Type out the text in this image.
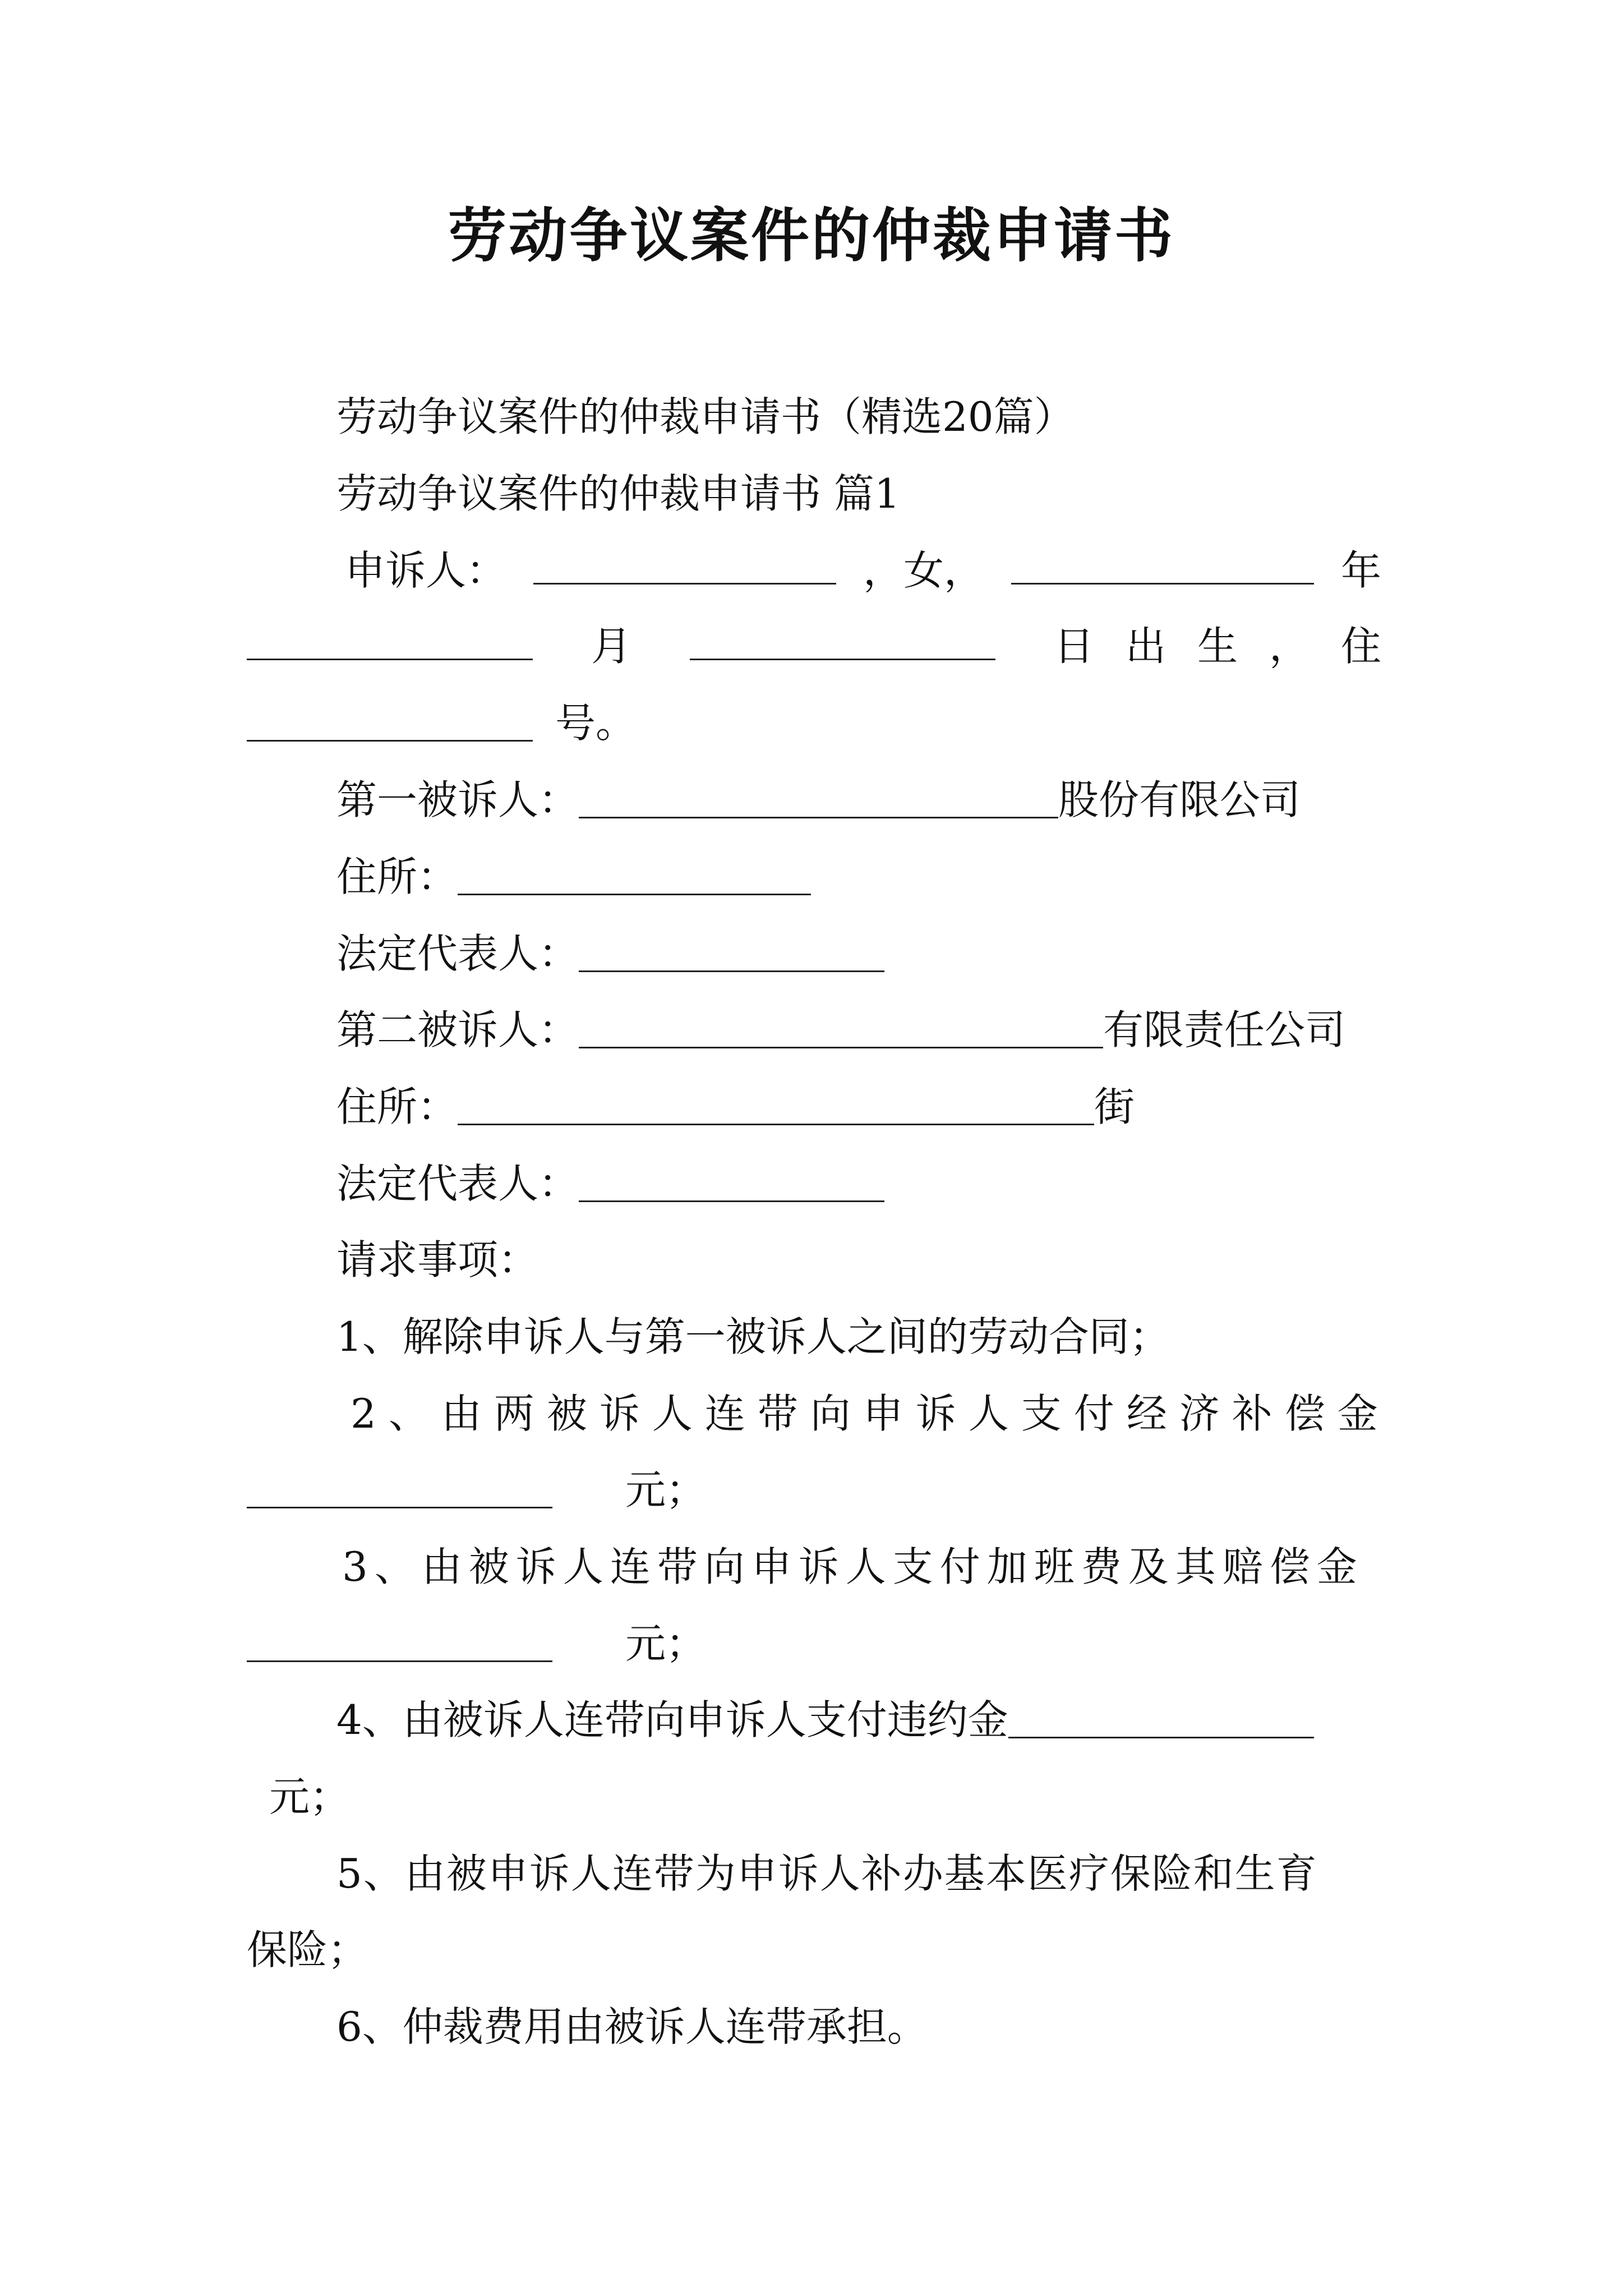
劳动争议案件的仲裁申请书
劳动争议案件的仲裁申请书（精选20篇）
劳动争议案件的仲裁申请书 篇1
申诉人：	，女，	年
月	日出生，住
号。
第一被诉人：	股份有限公司
住所：
法定代表人：
第二被诉人：	有限责任公司
住所：	街
法定代表人：
请求事项：
1、解除申诉人与第一被诉人之间的劳动合同；
2、由两被诉人连带向申诉人支付经济补偿金
元；
3、由被诉人连带向申诉人支付加班费及其赔偿金
元；
4、由被诉人连带向申诉人支付违约金
元；
5、由被申诉人连带为申诉人补办基本医疗保险和生育
保险；
6、仲裁费用由被诉人连带承担。
